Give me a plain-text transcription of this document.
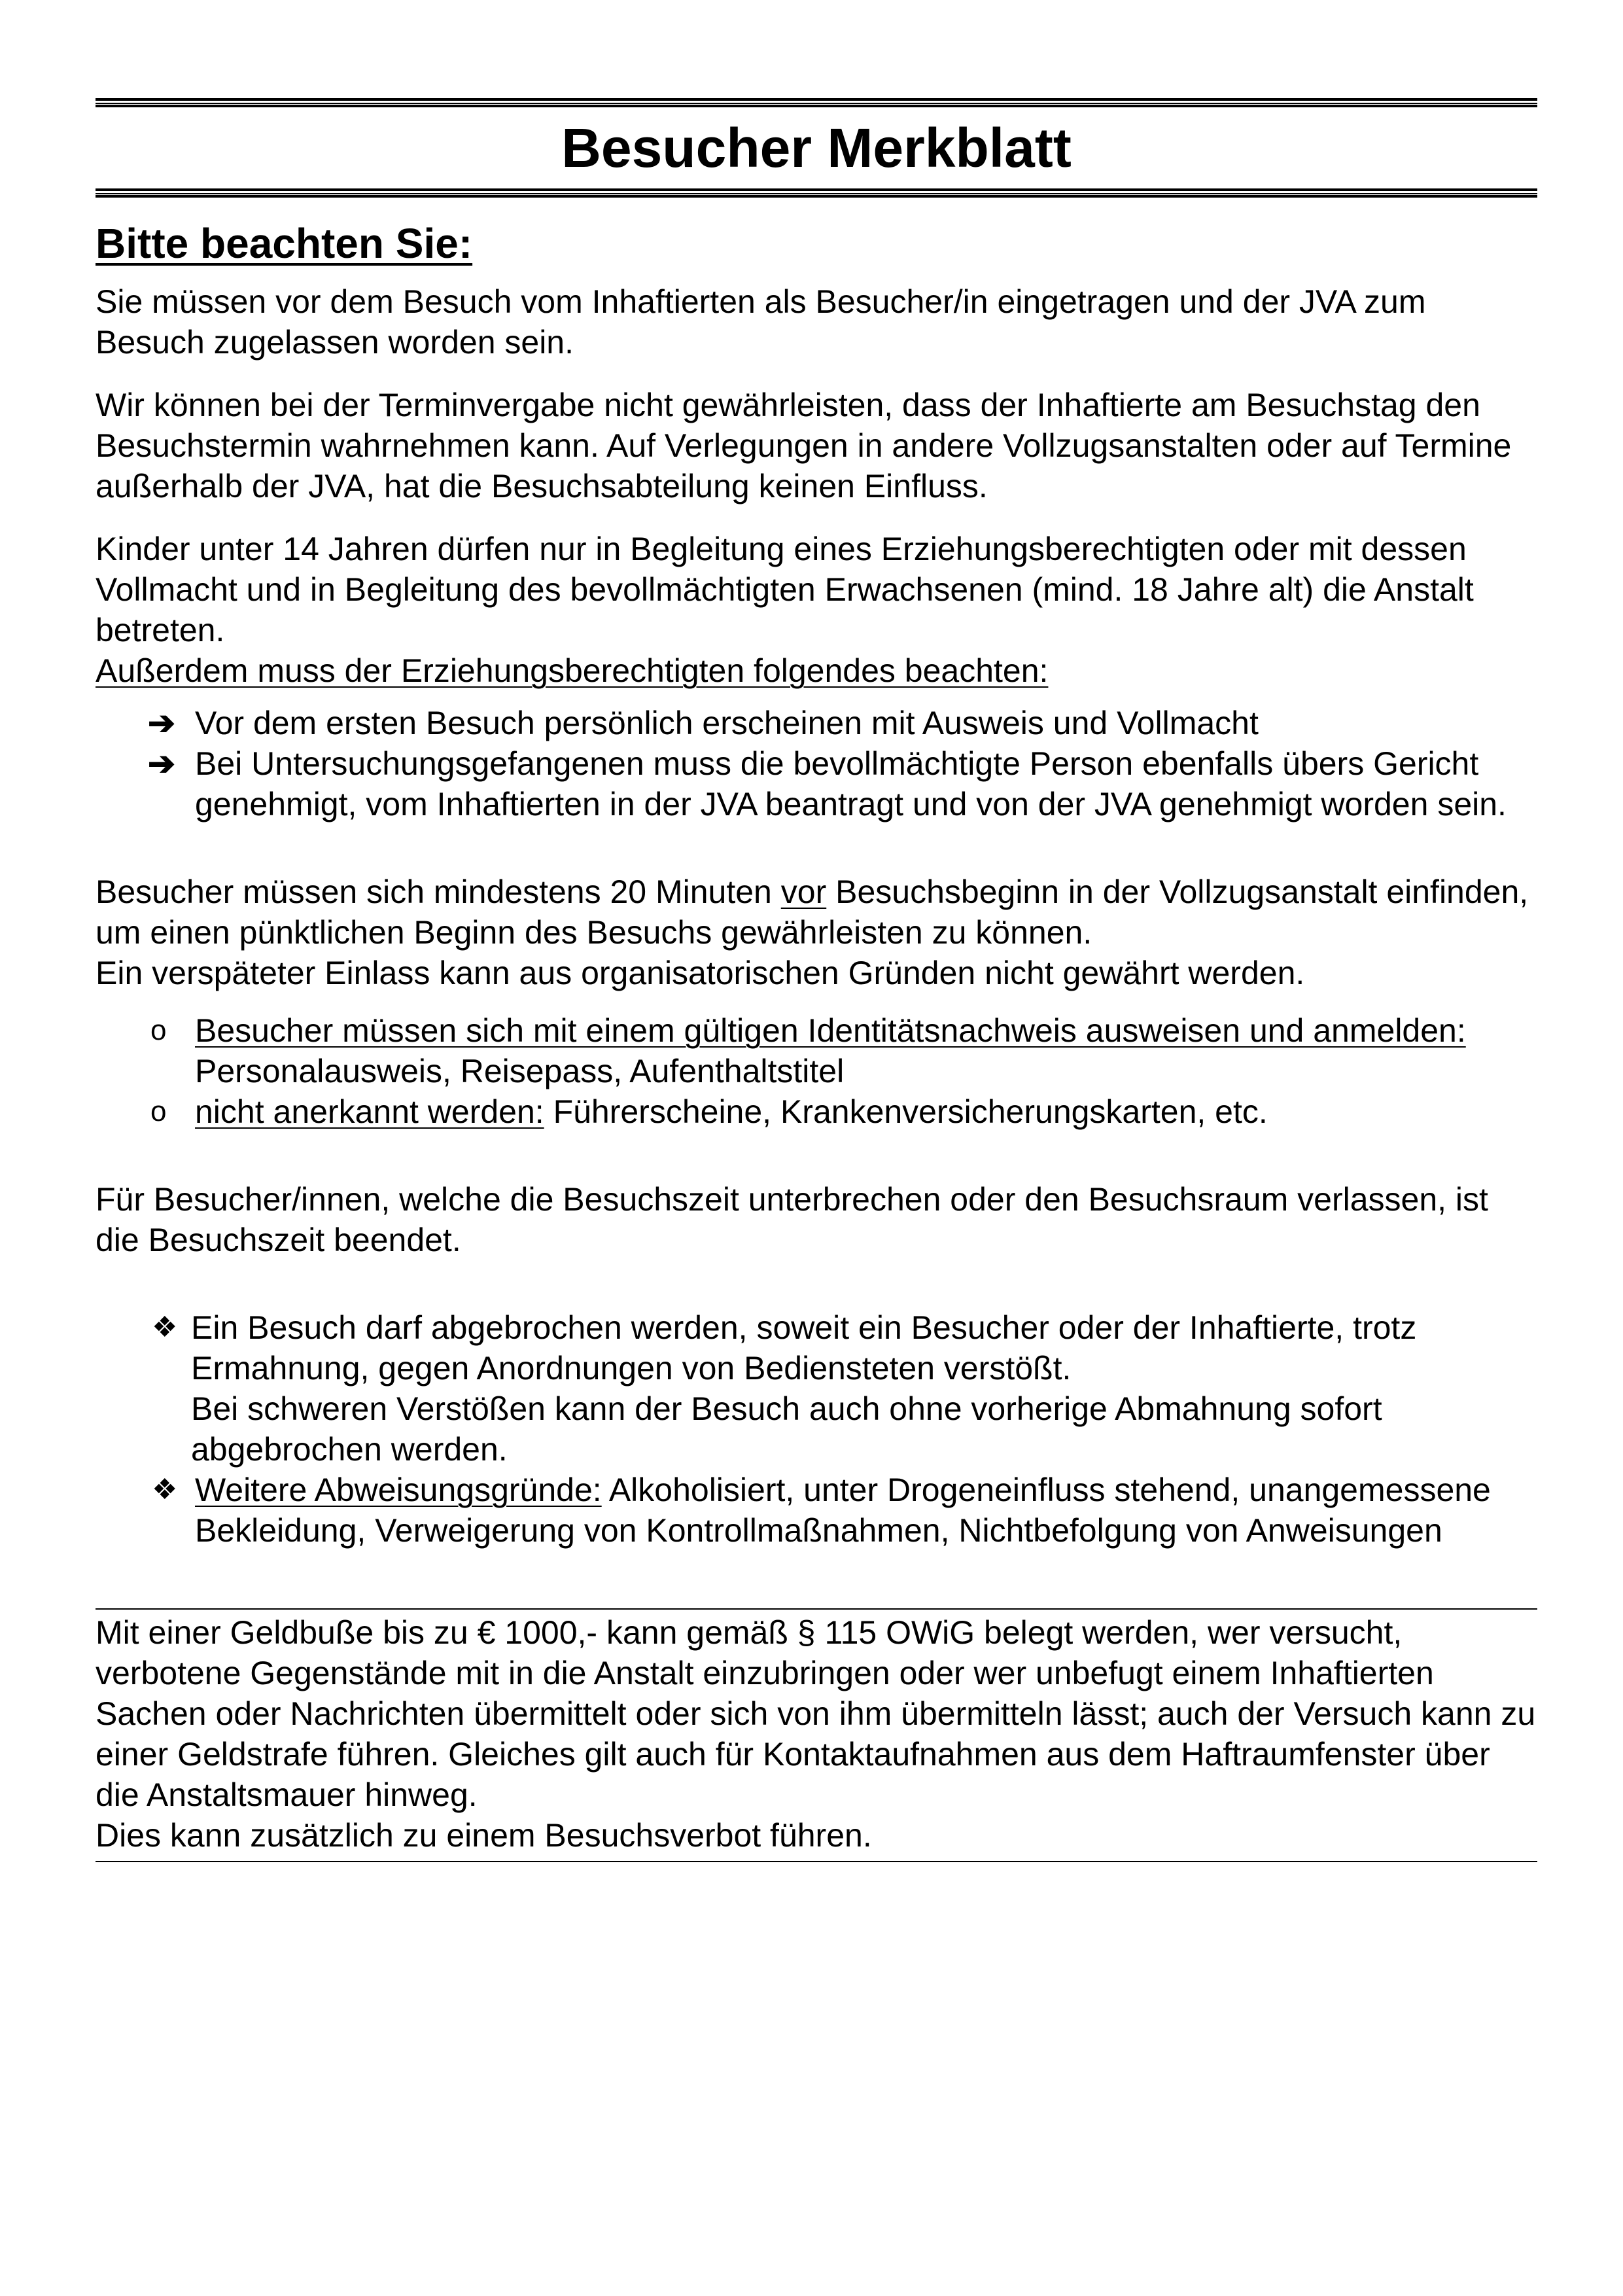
Besucher Merkblatt
Bitte beachten Sie:

Sie müssen vor dem Besuch vom Inhaftierten als Besucher/in eingetragen und der JVA zum Besuch zugelassen worden sein.

Wir können bei der Terminvergabe nicht gewährleisten, dass der Inhaftierte am Besuchstag den Besuchstermin wahrnehmen kann. Auf Verlegungen in andere Vollzugsanstalten oder auf Termine außerhalb der JVA, hat die Besuchsabteilung keinen Einfluss.

Kinder unter 14 Jahren dürfen nur in Begleitung eines Erziehungsberechtigten oder mit dessen Vollmacht und in Begleitung des bevollmächtigten Erwachsenen (mind. 18 Jahre alt) die Anstalt betreten.

Außerdem muss der Erziehungsberechtigten folgendes beachten:

➔ Vor dem ersten Besuch persönlich erscheinen mit Ausweis und Vollmacht
➔ Bei Untersuchungsgefangenen muss die bevollmächtigte Person ebenfalls übers Gericht genehmigt, vom Inhaftierten in der JVA beantragt und von der JVA genehmigt worden sein.

Besucher müssen sich mindestens 20 Minuten vor Besuchsbeginn in der Vollzugsanstalt einfinden, um einen pünktlichen Beginn des Besuchs gewährleisten zu können.

Ein verspäteter Einlass kann aus organisatorischen Gründen nicht gewährt werden.

o Besucher müssen sich mit einem gültigen Identitätsnachweis ausweisen und anmelden: Personalausweis, Reisepass, Aufenthaltstitel
o nicht anerkannt werden: Führerscheine, Krankenversicherungskarten, etc.

Für Besucher/innen, welche die Besuchszeit unterbrechen oder den Besuchsraum verlassen, ist die Besuchszeit beendet.

❖ Ein Besuch darf abgebrochen werden, soweit ein Besucher oder der Inhaftierte, trotz Ermahnung, gegen Anordnungen von Bediensteten verstößt.
Bei schweren Verstößen kann der Besuch auch ohne vorherige Abmahnung sofort abgebrochen werden.
❖ Weitere Abweisungsgründe: Alkoholisiert, unter Drogeneinfluss stehend, unangemessene Bekleidung, Verweigerung von Kontrollmaßnahmen, Nichtbefolgung von Anweisungen

Mit einer Geldbuße bis zu € 1000,- kann gemäß § 115 OWiG belegt werden, wer versucht, verbotene Gegenstände mit in die Anstalt einzubringen oder wer unbefugt einem Inhaftierten Sachen oder Nachrichten übermittelt oder sich von ihm übermitteln lässt; auch der Versuch kann zu einer Geldstrafe führen. Gleiches gilt auch für Kontaktaufnahmen aus dem Haftraumfenster über die Anstaltsmauer hinweg.

Dies kann zusätzlich zu einem Besuchsverbot führen.
